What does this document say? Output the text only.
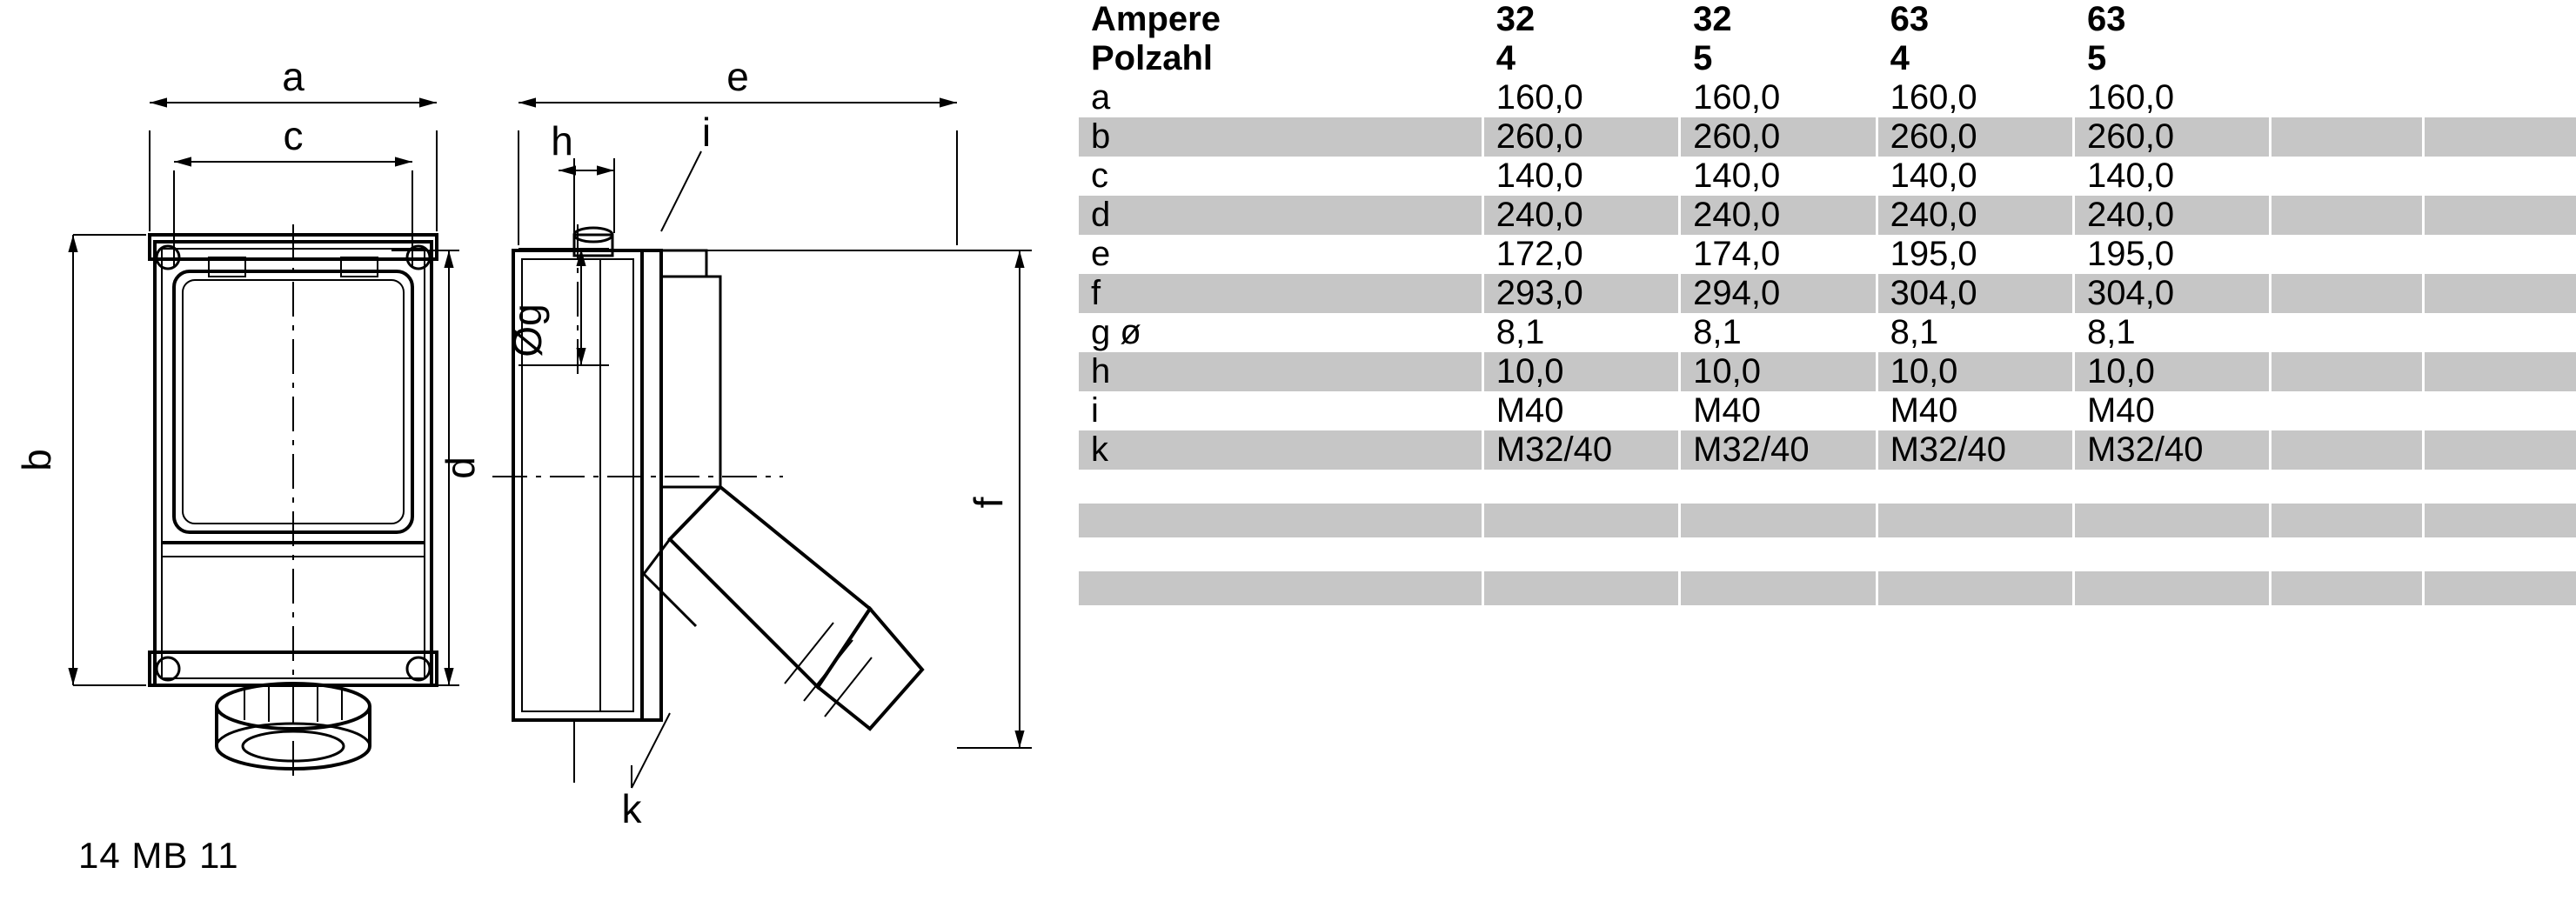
a
c
b	d
e
h	i
Øg
f
k
14 MB 11
Ampere	32	32	63	63		
Polzahl	4	5	4	5		
a	160,0	160,0	160,0	160,0		
b	260,0	260,0	260,0	260,0		
c	140,0	140,0	140,0	140,0		
d	240,0	240,0	240,0	240,0		
e	172,0	174,0	195,0	195,0		
f	293,0	294,0	304,0	304,0		
g ø	8,1	8,1	8,1	8,1		
h	10,0	10,0	10,0	10,0		
i	M40	M40	M40	M40		
k	M32/40	M32/40	M32/40	M32/40		
